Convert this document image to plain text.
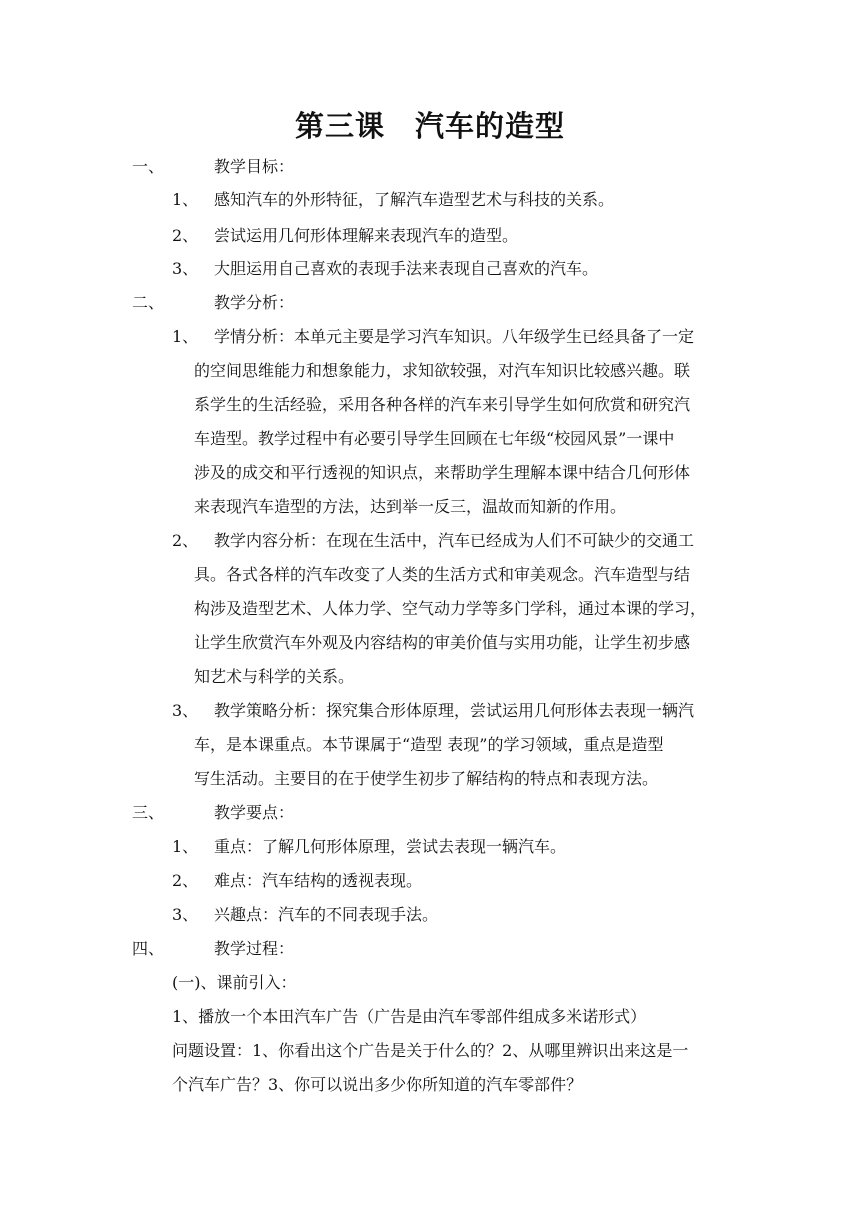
第三课　汽车的造型
一、	教学目标：
1、 感知汽车的外形特征，了解汽车造型艺术与科技的关系。
2、 尝试运用几何形体理解来表现汽车的造型。
3、 大胆运用自己喜欢的表现手法来表现自己喜欢的汽车。
二、	教学分析：
1、 学情分析：本单元主要是学习汽车知识。八年级学生已经具备了一定
的空间思维能力和想象能力，求知欲较强，对汽车知识比较感兴趣。联
系学生的生活经验，采用各种各样的汽车来引导学生如何欣赏和研究汽
车造型。教学过程中有必要引导学生回顾在七年级“校园风景”一课中
涉及的成交和平行透视的知识点，来帮助学生理解本课中结合几何形体
来表现汽车造型的方法，达到举一反三，温故而知新的作用。
2、 教学内容分析：在现在生活中，汽车已经成为人们不可缺少的交通工
具。各式各样的汽车改变了人类的生活方式和审美观念。汽车造型与结
构涉及造型艺术、人体力学、空气动力学等多门学科，通过本课的学习，
让学生欣赏汽车外观及内容结构的审美价值与实用功能，让学生初步感
知艺术与科学的关系。
3、 教学策略分析：探究集合形体原理，尝试运用几何形体去表现一辆汽
车，是本课重点。本节课属于“造型 表现”的学习领域，重点是造型
写生活动。主要目的在于使学生初步了解结构的特点和表现方法。
三、	教学要点：
1、 重点：了解几何形体原理，尝试去表现一辆汽车。
2、 难点：汽车结构的透视表现。
3、 兴趣点：汽车的不同表现手法。
四、	教学过程：
(一)、课前引入：
1、播放一个本田汽车广告（广告是由汽车零部件组成多米诺形式）
问题设置：1、你看出这个广告是关于什么的？2、从哪里辨识出来这是一
个汽车广告？3、你可以说出多少你所知道的汽车零部件？
